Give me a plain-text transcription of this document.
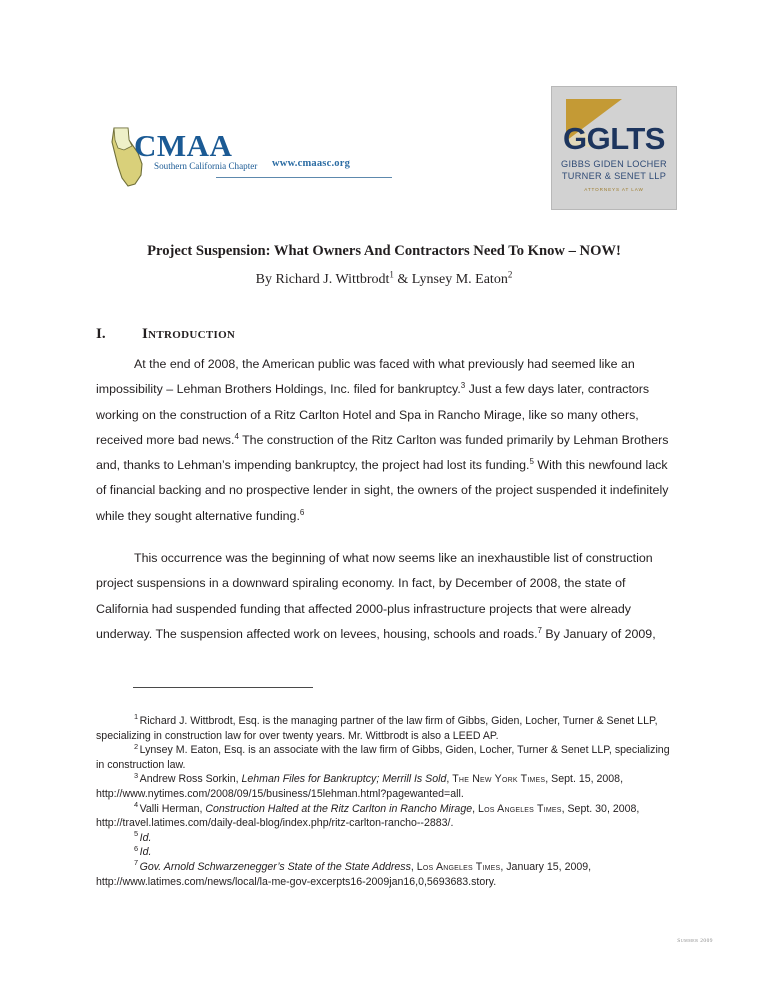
CMAA
Southern California Chapter www.cmaasc.org
GGLTS
GIBBS GIDEN LOCHER
TURNER & SENET LLP
ATTORNEYS AT LAW
Project Suspension: What Owners And Contractors Need To Know – NOW!
By Richard J. Wittbrodt$^1$ & Lynsey M. Eaton$^2$
I. Introduction

At the end of 2008, the American public was faced with what previously had seemed like an impossibility – Lehman Brothers Holdings, Inc. filed for bankruptcy.$^3$ Just a few days later, contractors working on the construction of a Ritz Carlton Hotel and Spa in Rancho Mirage, like so many others, received more bad news.$^4$ The construction of the Ritz Carlton was funded primarily by Lehman Brothers and, thanks to Lehman’s impending bankruptcy, the project had lost its funding.$^5$ With this newfound lack of financial backing and no prospective lender in sight, the owners of the project suspended it indefinitely while they sought alternative funding.$^6$

This occurrence was the beginning of what now seems like an inexhaustible list of construction project suspensions in a downward spiraling economy. In fact, by December of 2008, the state of California had suspended funding that affected 2000-plus infrastructure projects that were already underway. The suspension affected work on levees, housing, schools and roads.$^7$ By January of 2009,

$^1$ Richard J. Wittbrodt, Esq. is the managing partner of the law firm of Gibbs, Giden, Locher, Turner & Senet LLP, specializing in construction law for over twenty years. Mr. Wittbrodt is also a LEED AP.
$^2$ Lynsey M. Eaton, Esq. is an associate with the law firm of Gibbs, Giden, Locher, Turner & Senet LLP, specializing in construction law.
$^3$ Andrew Ross Sorkin, Lehman Files for Bankruptcy; Merrill Is Sold, The New York Times, Sept. 15, 2008, http://www.nytimes.com/2008/09/15/business/15lehman.html?pagewanted=all.
$^4$ Valli Herman, Construction Halted at the Ritz Carlton in Rancho Mirage, Los Angeles Times, Sept. 30, 2008, http://travel.latimes.com/daily-deal-blog/index.php/ritz-carlton-rancho--2883/.
$^5$ Id.
$^6$ Id.
$^7$ Gov. Arnold Schwarzenegger’s State of the State Address, Los Angeles Times, January 15, 2009, http://www.latimes.com/news/local/la-me-gov-excerpts16-2009jan16,0,5693683.story.
Summer 2009
